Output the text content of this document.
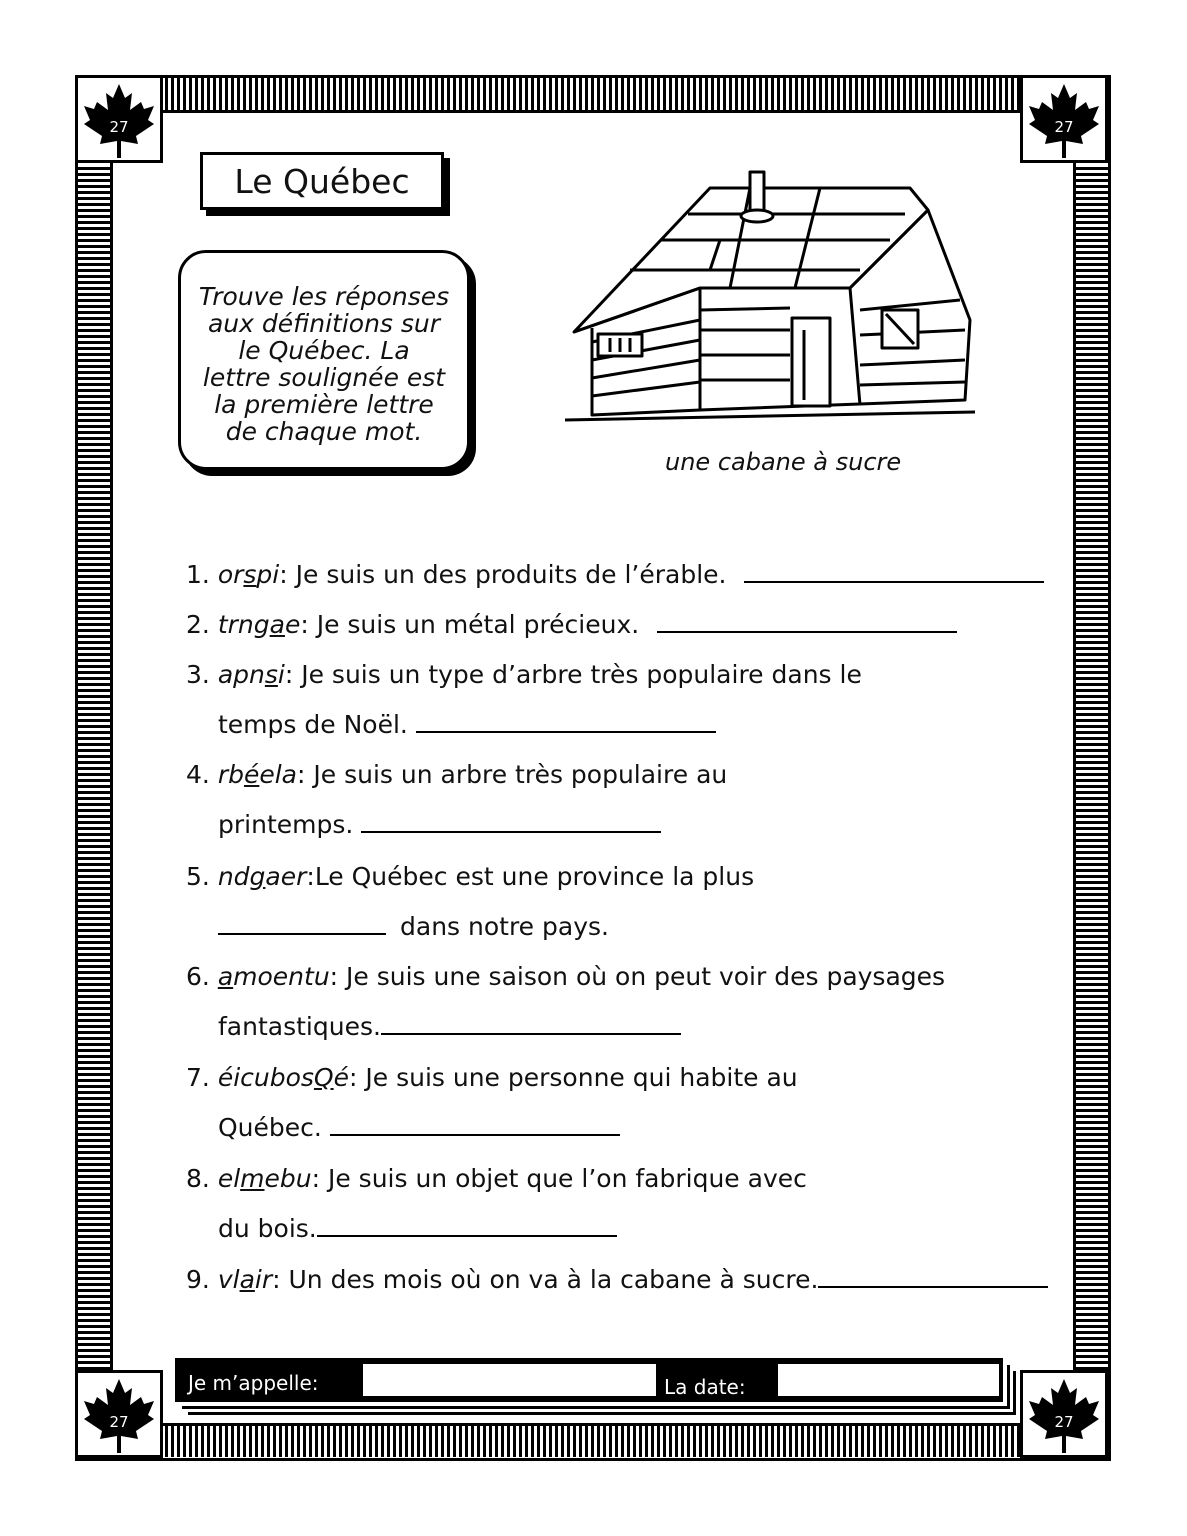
27	27
27	27
Le Québec
Trouve les réponses
aux définitions sur
le Québec. La
lettre soulignée est
la première lettre
de chaque mot.
une cabane à sucre
1. orspi: Je suis un des produits de l’érable.
2. trngae: Je suis un métal précieux.
3. apnsi: Je suis un type d’arbre très populaire dans le
temps de Noël.
4. rbéela: Je suis un arbre très populaire au
printemps.
5. ndgaer:Le Québec est une province la plus
dans notre pays.
6. amoentu: Je suis une saison où on peut voir des paysages
fantastiques.
7. éicubosQé: Je suis une personne qui habite au
Québec.
8. elmebu: Je suis un objet que l’on fabrique avec
du bois.
9. vlair: Un des mois où on va à la cabane à sucre.
Je m’appelle:	La date:
